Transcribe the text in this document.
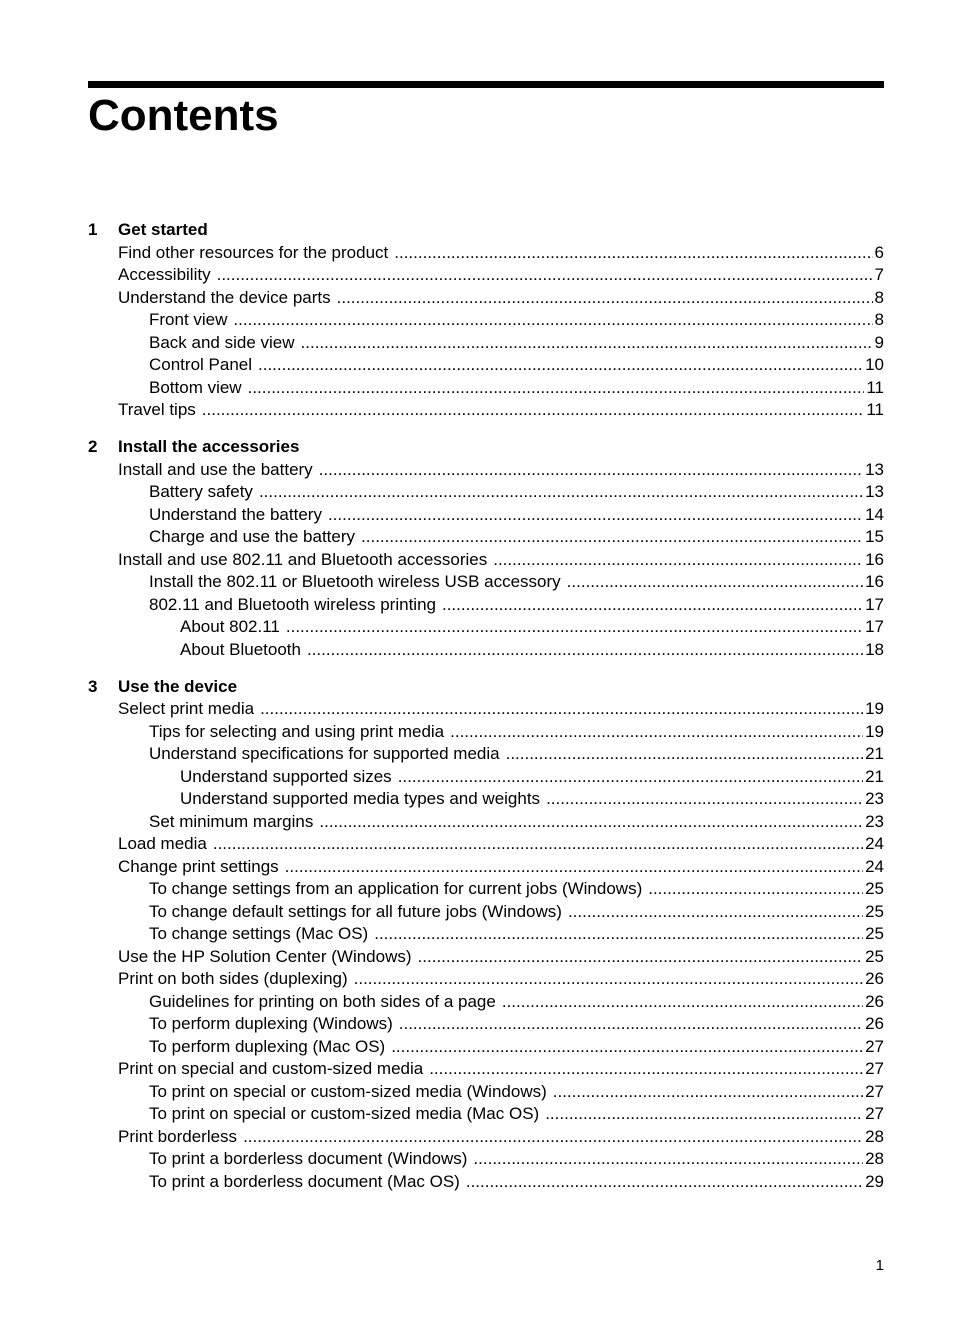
Contents
1	Get started
Find other resources for the product .....	6
Accessibility .....	7
Understand the device parts .....	8
Front view .....	8
Back and side view .....	9
Control Panel .....	10
Bottom view .....	11
Travel tips .....	11
2	Install the accessories
Install and use the battery .....	13
Battery safety .....	13
Understand the battery .....	14
Charge and use the battery .....	15
Install and use 802.11 and Bluetooth accessories .....	16
Install the 802.11 or Bluetooth wireless USB accessory .....	16
802.11 and Bluetooth wireless printing .....	17
About 802.11 .....	17
About Bluetooth .....	18
3	Use the device
Select print media .....	19
Tips for selecting and using print media .....	19
Understand specifications for supported media .....	21
Understand supported sizes .....	21
Understand supported media types and weights .....	23
Set minimum margins .....	23
Load media .....	24
Change print settings .....	24
To change settings from an application for current jobs (Windows) .....	25
To change default settings for all future jobs (Windows) .....	25
To change settings (Mac OS) .....	25
Use the HP Solution Center (Windows) .....	25
Print on both sides (duplexing) .....	26
Guidelines for printing on both sides of a page .....	26
To perform duplexing (Windows) .....	26
To perform duplexing (Mac OS) .....	27
Print on special and custom-sized media .....	27
To print on special or custom-sized media (Windows) .....	27
To print on special or custom-sized media (Mac OS) .....	27
Print borderless .....	28
To print a borderless document (Windows) .....	28
To print a borderless document (Mac OS) .....	29
1
